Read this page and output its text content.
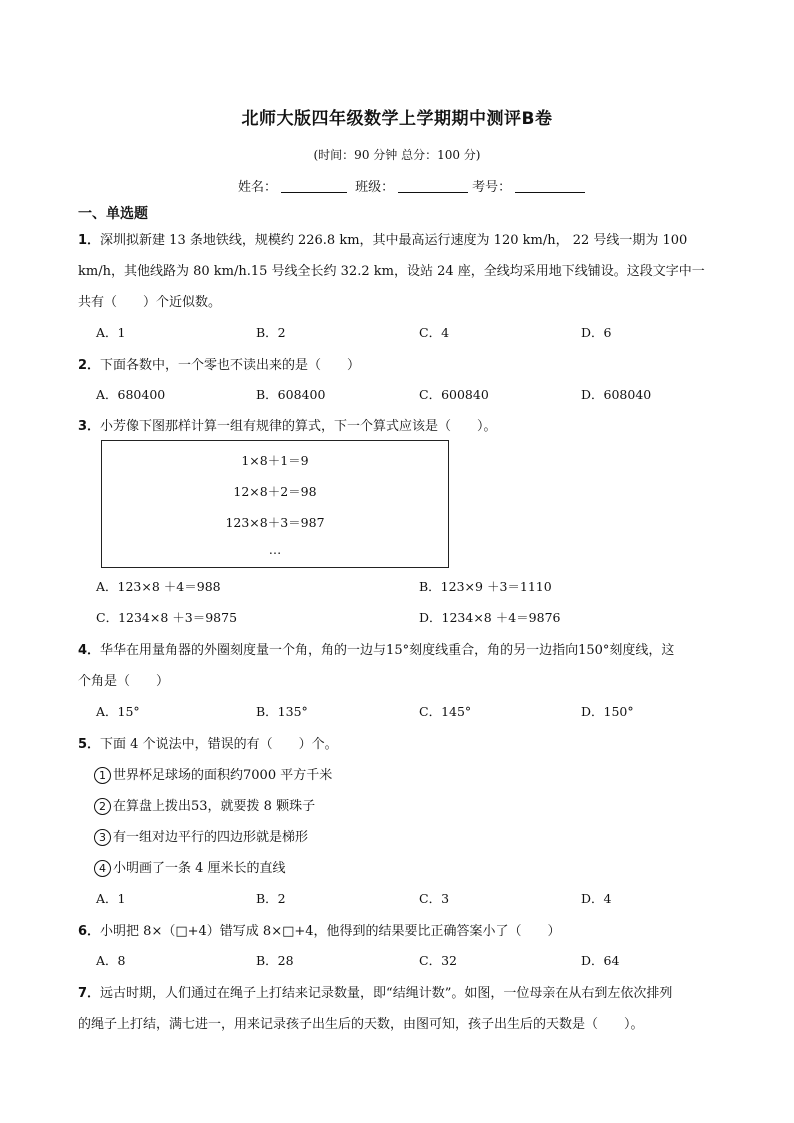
北师大版四年级数学上学期期中测评B卷
(时间：90 分钟 总分：100 分)
姓名：	班级：	考号：
一、单选题
1．深圳拟新建 13 条地铁线，规模约 226.8 km，其中最高运行速度为 120 km/h， 22 号线一期为 100
km/h，其他线路为 80 km/h.15 号线全长约 32.2 km，设站 24 座，全线均采用地下线铺设。这段文字中一
共有（　　）个近似数。
A．1	B．2	C．4	D．6
2．下面各数中，一个零也不读出来的是（　　）
A．680400	B．608400	C．600840	D．608040
3．小芳像下图那样计算一组有规律的算式，下一个算式应该是（　　）。
1×8＋1＝9
12×8＋2＝98
123×8＋3＝987
…
A．123×8 ＋4＝988	B．123×9 ＋3＝1110
C．1234×8 ＋3＝9875	D．1234×8 ＋4＝9876
4．华华在用量角器的外圈刻度量一个角，角的一边与15°刻度线重合，角的另一边指向150°刻度线，这
个角是（　　）
A．15°	B．135°	C．145°	D．150°
5．下面 4 个说法中，错误的有（　　）个。
1 世界杯足球场的面积约7000 平方千米
2 在算盘上拨出53，就要拨 8 颗珠子
3 有一组对边平行的四边形就是梯形
4 小明画了一条 4 厘米长的直线
A．1	B．2	C．3	D．4
6．小明把 8×（□+4）错写成 8×□+4，他得到的结果要比正确答案小了（　　）
A．8	B．28	C．32	D．64
7．远古时期，人们通过在绳子上打结来记录数量，即“结绳计数”。如图，一位母亲在从右到左依次排列
的绳子上打结，满七进一，用来记录孩子出生后的天数，由图可知，孩子出生后的天数是（　　）。
